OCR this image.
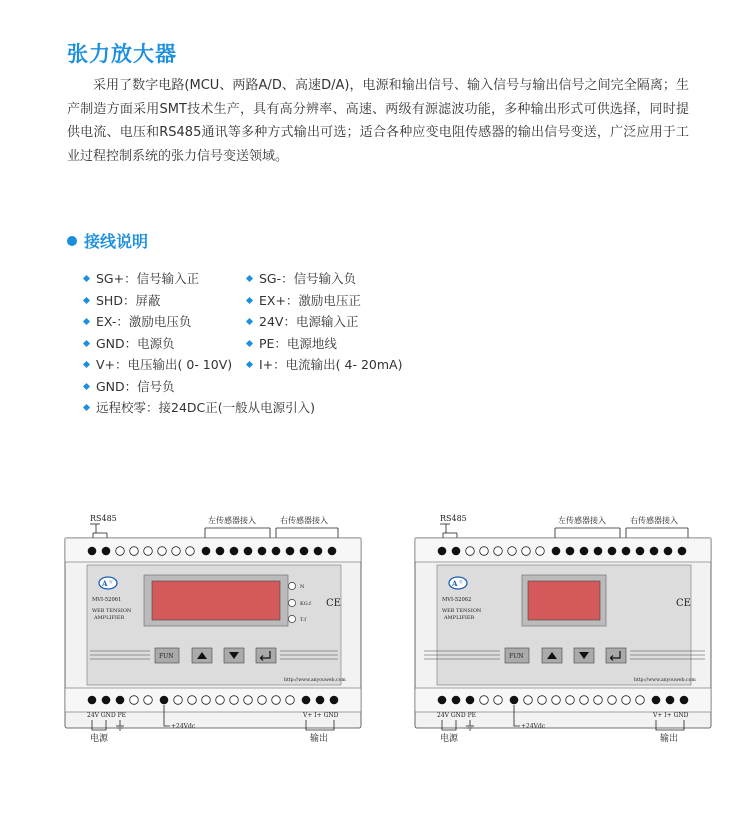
张力放大器
采用了数字电路(MCU、两路A/D、高速D/A)，电源和输出信号、输入信号与输出信号之间完全隔离；生产制造方面采用SMT技术生产，具有高分辨率、高速、两级有源滤波功能，多种输出形式可供选择，同时提供电流、电压和RS485通讯等多种方式输出可选；适合各种应变电阻传感器的输出信号变送，广泛应用于工业过程控制系统的张力信号变送领域。
接线说明
SG+：信号输入正	SG-：信号输入负
SHD：屏蔽	EX+：激励电压正
EX-：激励电压负	24V：电源输入正
GND：电源负	PE：电源地线
V+：电压输出( 0- 10V) I+：电流输出( 4- 20mA)
GND：信号负
远程校零：接24DC正(一般从电源引入)
RS485	左传感器接入	右传感器接入
A 安
MVI-52061
WEB TENSION
AMPLIFIER
N
KG.f
T.f
CE
FUN
http://www.anyouweb.com
24V GND PE	V+ I+ GND
+24Vdc
电源	输出
RS485	左传感器接入	右传感器接入
A 安
MVI-52062
WEB TENSION
AMPLIFIER
CE
FUN
http://www.anyouweb.com
24V GND PE	V+ I+ GND
+24Vdc
电源	输出
